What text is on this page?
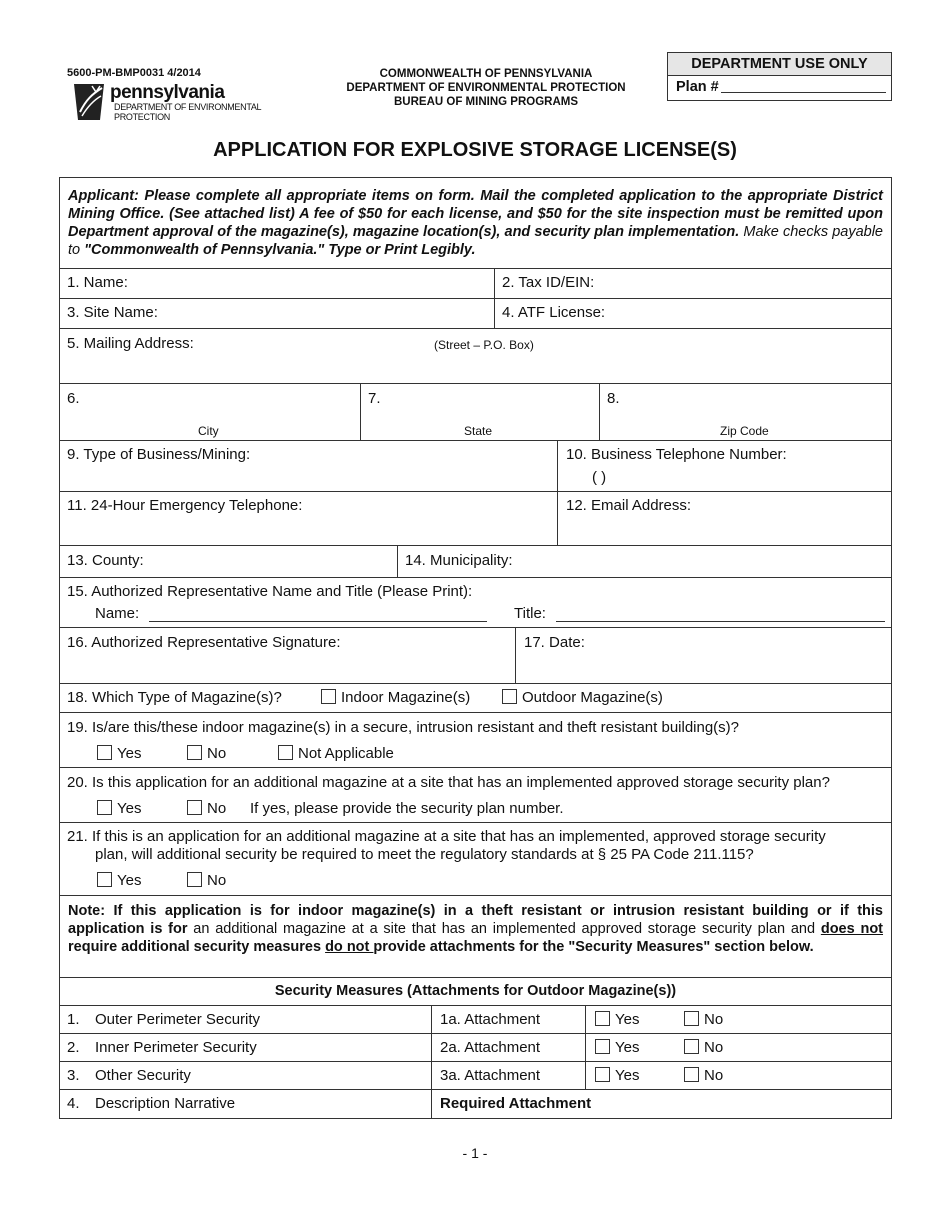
5600-PM-BMP0031 4/2014
pennsylvania
DEPARTMENT OF ENVIRONMENTAL PROTECTION
COMMONWEALTH OF PENNSYLVANIA
DEPARTMENT OF ENVIRONMENTAL PROTECTION
BUREAU OF MINING PROGRAMS
DEPARTMENT USE ONLY
Plan #
APPLICATION FOR EXPLOSIVE STORAGE LICENSE(S)
Applicant: Please complete all appropriate items on form. Mail the completed application to the appropriate District Mining Office. (See attached list) A fee of $50 for each license, and $50 for the site inspection must be remitted upon Department approval of the magazine(s), magazine location(s), and security plan implementation. Make checks payable to "Commonwealth of Pennsylvania." Type or Print Legibly.
1. Name:	2. Tax ID/EIN:
3. Site Name:	4. ATF License:
5. Mailing Address:	(Street – P.O. Box)
6.
City
7.
State
8.
Zip Code
9. Type of Business/Mining:	10. Business Telephone Number:
( )
11. 24-Hour Emergency Telephone:	12. Email Address:
13. County:	14. Municipality:
15. Authorized Representative Name and Title (Please Print):
Name:	Title:
16. Authorized Representative Signature:	17. Date:
18. Which Type of Magazine(s)?	Indoor Magazine(s)	Outdoor Magazine(s)
19. Is/are this/these indoor magazine(s) in a secure, intrusion resistant and theft resistant building(s)?
Yes	No	Not Applicable
20. Is this application for an additional magazine at a site that has an implemented approved storage security plan?
Yes	No If yes, please provide the security plan number.
21. If this is an application for an additional magazine at a site that has an implemented, approved storage security
plan, will additional security be required to meet the regulatory standards at § 25 PA Code 211.115?
Yes	No
Note: If this application is for indoor magazine(s) in a theft resistant or intrusion resistant building or if this application is for an additional magazine at a site that has an implemented approved storage security plan and does not require additional security measures do not provide attachments for the "Security Measures" section below.
Security Measures (Attachments for Outdoor Magazine(s))
1. Outer Perimeter Security	1a. Attachment	Yes	No
2. Inner Perimeter Security	2a. Attachment	Yes	No
3. Other Security	3a. Attachment	Yes	No
4. Description Narrative	Required Attachment
- 1 -
